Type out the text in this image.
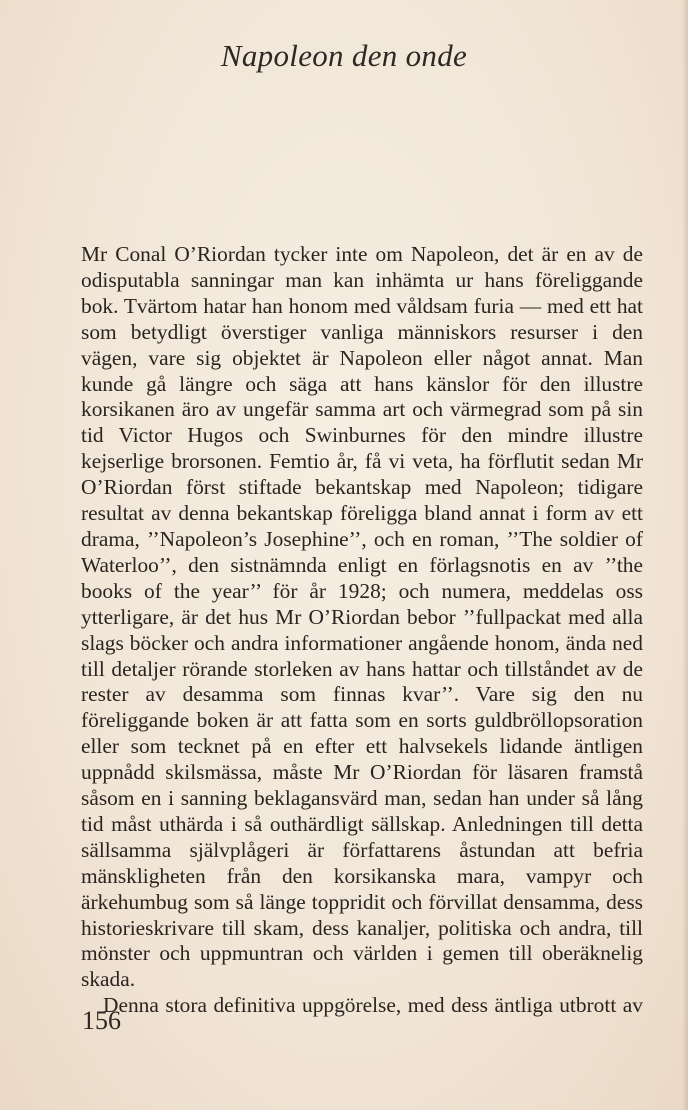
Napoleon den onde

Mr Conal O’Riordan tycker inte om Napoleon, det är en av de odisputabla sanningar man kan inhämta ur hans föreliggande bok. Tvärtom hatar han honom med våldsam furia — med ett hat som betydligt överstiger vanliga människors resurser i den vägen, vare sig objektet är Napoleon eller något annat. Man kunde gå längre och säga att hans känslor för den illustre korsikanen äro av ungefär samma art och värmegrad som på sin tid Victor Hugos och Swinburnes för den mindre illustre kejserlige brorsonen. Femtio år, få vi veta, ha förflutit sedan Mr O’Riordan först stiftade bekantskap med Napoleon; tidigare resultat av denna bekantskap föreligga bland annat i form av ett drama, ’’Napoleon’s Josephine’’, och en roman, ’’The soldier of Waterloo’’, den sistnämnda enligt en förlagsnotis en av ’’the books of the year’’ för år 1928; och numera, meddelas oss ytterligare, är det hus Mr O’Riordan bebor ’’fullpackat med alla slags böcker och andra informationer angående honom, ända ned till detaljer rörande storleken av hans hattar och tillståndet av de rester av desamma som finnas kvar’’. Vare sig den nu föreliggande boken är att fatta som en sorts guldbröllopsoration eller som tecknet på en efter ett halvsekels lidande äntligen uppnådd skilsmässa, måste Mr O’Riordan för läsaren framstå såsom en i sanning beklagansvärd man, sedan han under så lång tid måst uthärda i så outhärdligt sällskap. Anledningen till detta sällsamma självplågeri är författarens åstundan att befria mänskligheten från den korsikanska mara, vampyr och ärkehumbug som så länge toppridit och förvillat densamma, dess historieskrivare till skam, dess kanaljer, politiska och andra, till mönster och uppmuntran och världen i gemen till oberäknelig skada.

Denna stora definitiva uppgörelse, med dess äntliga utbrott av

156
